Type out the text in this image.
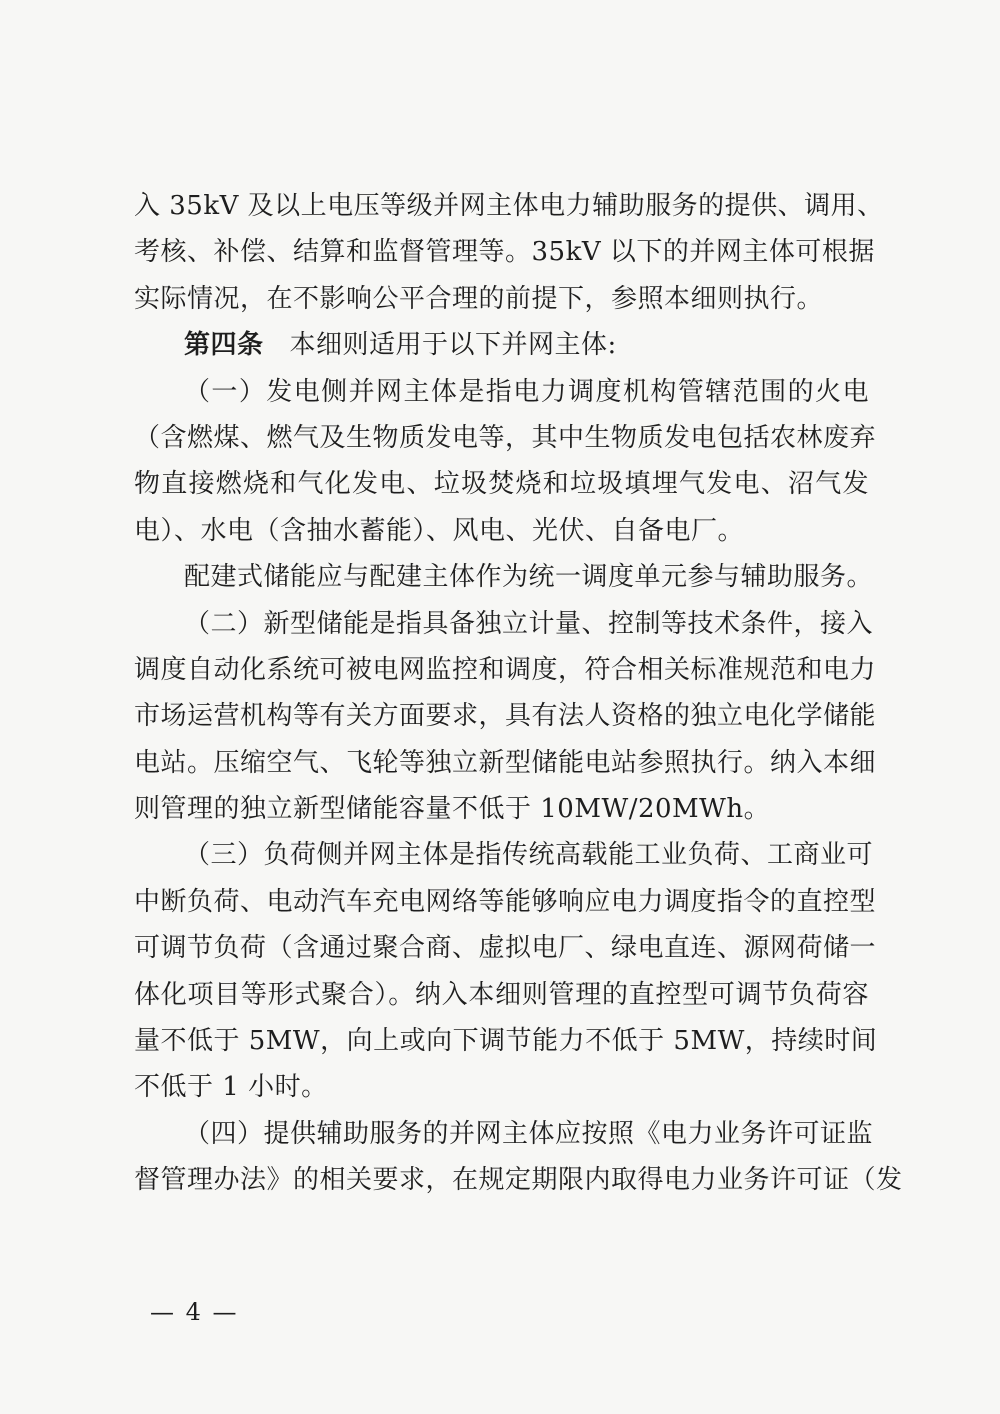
入 35kV 及以上电压等级并网主体电力辅助服务的提供、调用、
考核、补偿、结算和监督管理等。35kV 以下的并网主体可根据
实际情况，在不影响公平合理的前提下，参照本细则执行。
第四条 本细则适用于以下并网主体:
（一）发电侧并网主体是指电力调度机构管辖范围的火电
（含燃煤、燃气及生物质发电等，其中生物质发电包括农林废弃
物直接燃烧和气化发电、垃圾焚烧和垃圾填埋气发电、沼气发
电）、水电（含抽水蓄能）、风电、光伏、自备电厂。
配建式储能应与配建主体作为统一调度单元参与辅助服务。
（二）新型储能是指具备独立计量、控制等技术条件，接入
调度自动化系统可被电网监控和调度，符合相关标准规范和电力
市场运营机构等有关方面要求，具有法人资格的独立电化学储能
电站。压缩空气、飞轮等独立新型储能电站参照执行。纳入本细
则管理的独立新型储能容量不低于 10MW/20MWh。
（三）负荷侧并网主体是指传统高载能工业负荷、工商业可
中断负荷、电动汽车充电网络等能够响应电力调度指令的直控型
可调节负荷（含通过聚合商、虚拟电厂、绿电直连、源网荷储一
体化项目等形式聚合）。纳入本细则管理的直控型可调节负荷容
量不低于 5MW，向上或向下调节能力不低于 5MW，持续时间
不低于 1 小时。
（四）提供辅助服务的并网主体应按照《电力业务许可证监
督管理办法》的相关要求，在规定期限内取得电力业务许可证（发
— 4 —
